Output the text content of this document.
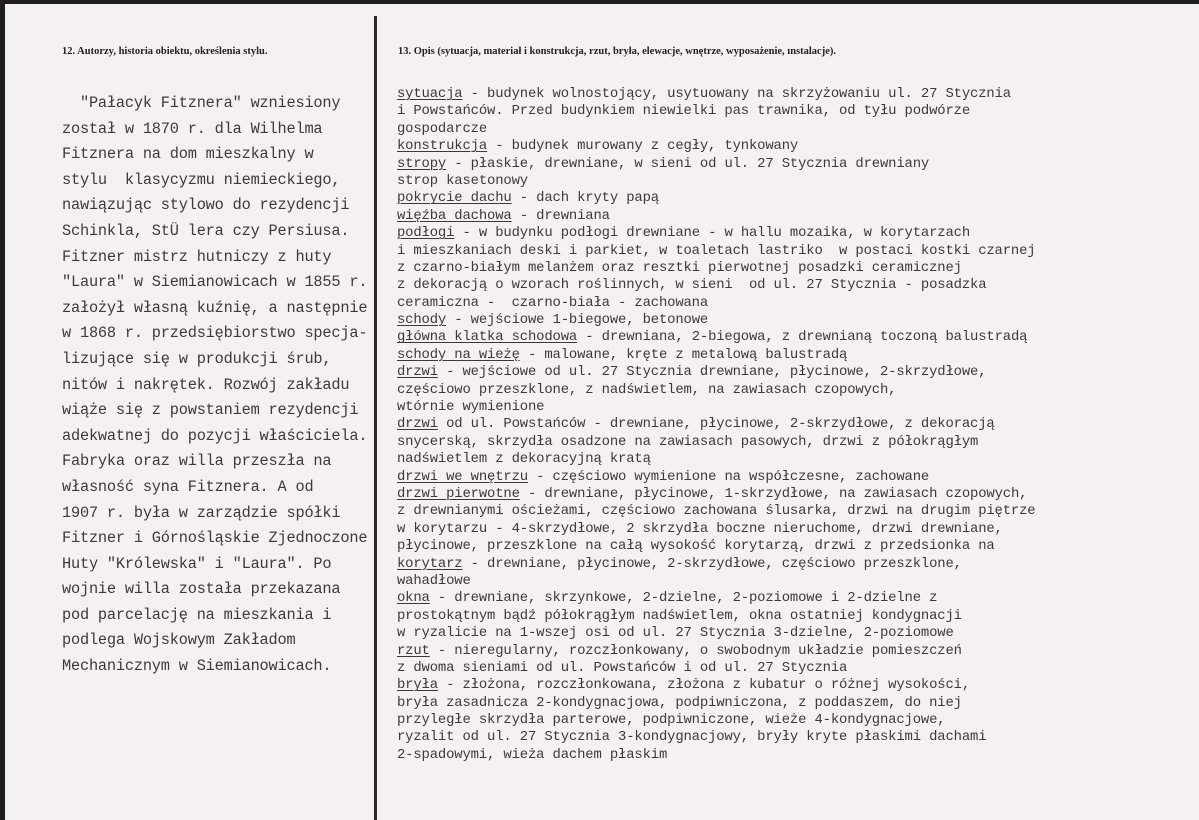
12. Autorzy, historia obiektu, określenia stylu.	13. Opis (sytuacja, materiał i konstrukcja, rzut, bryła, elewacje, wnętrze, wyposażenie, ınstalacje).
"Pałacyk Fitznera" wzniesiony
został w 1870 r. dla Wilhelma
Fitznera na dom mieszkalny w
stylu  klasycyzmu niemieckiego,
nawiązując stylowo do rezydencji
Schinkla, StÜ lera czy Persiusa.
Fitzner mistrz hutniczy z huty
"Laura" w Siemianowicach w 1855 r.
założył własną kuźnię, a następnie
w 1868 r. przedsiębiorstwo specja-
lizujące się w produkcji śrub,
nitów i nakrętek. Rozwój zakładu
wiąże się z powstaniem rezydencji
adekwatnej do pozycji właściciela.
Fabryka oraz willa przeszła na
własność syna Fitznera. A od
1907 r. była w zarządzie spółki
Fitzner i Górnośląskie Zjednoczone
Huty "Królewska" i "Laura". Po
wojnie willa została przekazana
pod parcelację na mieszkania i
podlega Wojskowym Zakładom
Mechanicznym w Siemianowicach.
sytuacja - budynek wolnostojący, usytuowany na skrzyżowaniu ul. 27 Stycznia
i Powstańców. Przed budynkiem niewielki pas trawnika, od tyłu podwórze
gospodarcze
konstrukcja - budynek murowany z cegły, tynkowany
stropy - płaskie, drewniane, w sieni od ul. 27 Stycznia drewniany
strop kasetonowy
pokrycie dachu - dach kryty papą
więźba dachowa - drewniana
podłogi - w budynku podłogi drewniane - w hallu mozaika, w korytarzach
i mieszkaniach deski i parkiet, w toaletach lastriko  w postaci kostki czarnej
z czarno-białym melanżem oraz resztki pierwotnej posadzki ceramicznej
z dekoracją o wzorach roślinnych, w sieni  od ul. 27 Stycznia - posadzka
ceramiczna -  czarno-biała - zachowana
schody - wejściowe 1-biegowe, betonowe
główna klatka schodowa - drewniana, 2-biegowa, z drewnianą toczoną balustradą
schody na wieżę - malowane, kręte z metalową balustradą
drzwi - wejściowe od ul. 27 Stycznia drewniane, płycinowe, 2-skrzydłowe,
częściowo przeszklone, z nadświetlem, na zawiasach czopowych,
wtórnie wymienione
drzwi od ul. Powstańców - drewniane, płycinowe, 2-skrzydłowe, z dekoracją
snycerską, skrzydła osadzone na zawiasach pasowych, drzwi z półokrągłym
nadświetlem z dekoracyjną kratą
drzwi we wnętrzu - częściowo wymienione na współczesne, zachowane
drzwi pierwotne - drewniane, płycinowe, 1-skrzydłowe, na zawiasach czopowych,
z drewnianymi ościeżami, częściowo zachowana ślusarka, drzwi na drugim piętrze
w korytarzu - 4-skrzydłowe, 2 skrzydła boczne nieruchome, drzwi drewniane,
płycinowe, przeszklone na całą wysokość korytarzą, drzwi z przedsionka na
korytarz - drewniane, płycinowe, 2-skrzydłowe, częściowo przeszklone,
wahadłowe
okna - drewniane, skrzynkowe, 2-dzielne, 2-poziomowe i 2-dzielne z
prostokątnym bądź półokrągłym nadświetlem, okna ostatniej kondygnacji
w ryzalicie na 1-wszej osi od ul. 27 Stycznia 3-dzielne, 2-poziomowe
rzut - nieregularny, rozczłonkowany, o swobodnym układzie pomieszczeń
z dwoma sieniami od ul. Powstańców i od ul. 27 Stycznia
bryła - złożona, rozczłonkowana, złożona z kubatur o różnej wysokości,
bryła zasadnicza 2-kondygnacjowa, podpiwniczona, z poddaszem, do niej
przyległe skrzydła parterowe, podpiwniczone, wieże 4-kondygnacjowe,
ryzalit od ul. 27 Stycznia 3-kondygnacjowy, bryły kryte płaskimi dachami
2-spadowymi, wieża dachem płaskim
